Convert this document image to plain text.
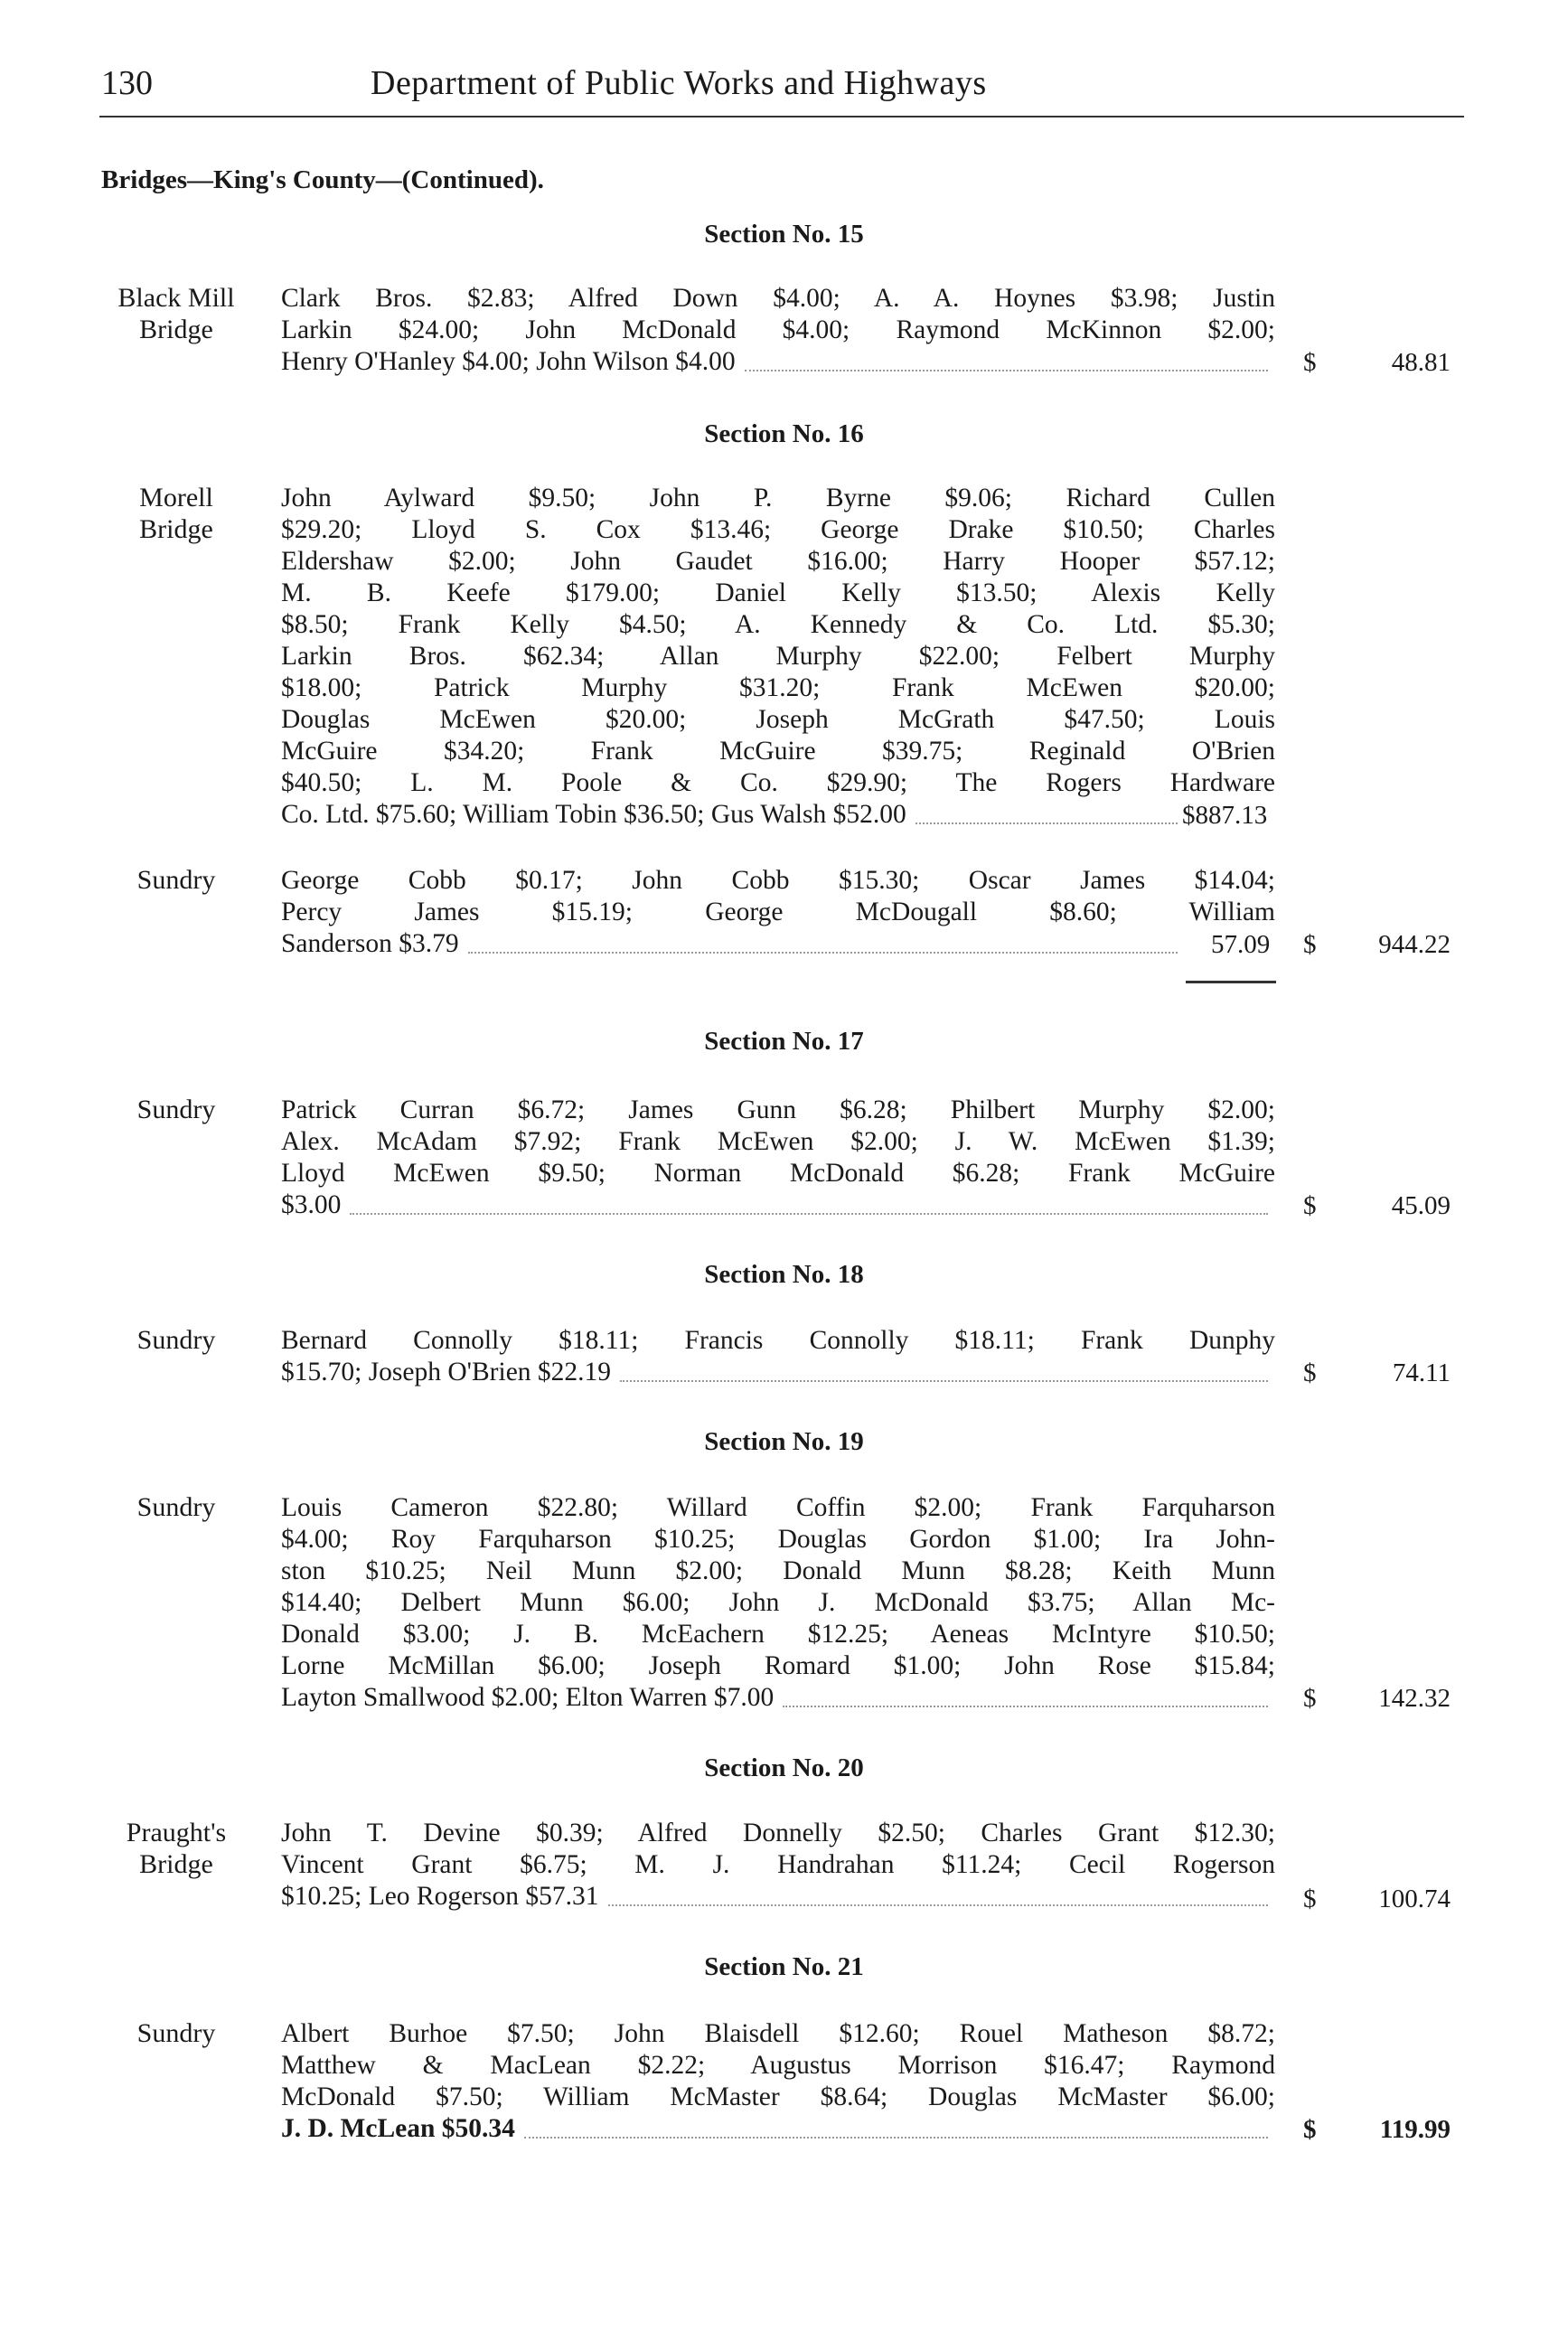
130	Department of Public Works and Highways
Bridges—King's County—(Continued).
Section No. 15
Black Mill
Bridge
Clark Bros. $2.83; Alfred Down $4.00; A. A. Hoynes $3.98; Justin
Larkin $24.00; John McDonald $4.00; Raymond McKinnon $2.00;
Henry O'Hanley $4.00; John Wilson $4.00	$	48.81
Section No. 16
Morell
Bridge
John Aylward $9.50; John P. Byrne $9.06; Richard Cullen
$29.20; Lloyd S. Cox $13.46; George Drake $10.50; Charles
Eldershaw $2.00; John Gaudet $16.00; Harry Hooper $57.12;
M. B. Keefe $179.00; Daniel Kelly $13.50; Alexis Kelly
$8.50; Frank Kelly $4.50; A. Kennedy & Co. Ltd. $5.30;
Larkin Bros. $62.34; Allan Murphy $22.00; Felbert Murphy
$18.00; Patrick Murphy $31.20; Frank McEwen $20.00;
Douglas McEwen $20.00; Joseph McGrath $47.50; Louis
McGuire $34.20; Frank McGuire $39.75; Reginald O'Brien
$40.50; L. M. Poole & Co. $29.90; The Rogers Hardware
Co. Ltd. $75.60; William Tobin $36.50; Gus Walsh $52.00	$887.13
Sundry	George Cobb $0.17; John Cobb $15.30; Oscar James $14.04;
Percy James $15.19; George McDougall $8.60; William
Sanderson $3.79	57.09 $ 944.22
Section No. 17
Sundry	Patrick Curran $6.72; James Gunn $6.28; Philbert Murphy $2.00;
Alex. McAdam $7.92; Frank McEwen $2.00; J. W. McEwen $1.39;
Lloyd McEwen $9.50; Norman McDonald $6.28; Frank McGuire
$3.00	$	45.09
Section No. 18
Sundry	Bernard Connolly $18.11; Francis Connolly $18.11; Frank Dunphy
$15.70; Joseph O'Brien $22.19	$	74.11
Section No. 19
Sundry	Louis Cameron $22.80; Willard Coffin $2.00; Frank Farquharson
$4.00; Roy Farquharson $10.25; Douglas Gordon $1.00; Ira John-
ston $10.25; Neil Munn $2.00; Donald Munn $8.28; Keith Munn
$14.40; Delbert Munn $6.00; John J. McDonald $3.75; Allan Mc-
Donald $3.00; J. B. McEachern $12.25; Aeneas McIntyre $10.50;
Lorne McMillan $6.00; Joseph Romard $1.00; John Rose $15.84;
Layton Smallwood $2.00; Elton Warren $7.00	$ 142.32
Section No. 20
Praught's
Bridge
John T. Devine $0.39; Alfred Donnelly $2.50; Charles Grant $12.30;
Vincent Grant $6.75; M. J. Handrahan $11.24; Cecil Rogerson
$10.25; Leo Rogerson $57.31	$ 100.74
Section No. 21
Sundry	Albert Burhoe $7.50; John Blaisdell $12.60; Rouel Matheson $8.72;
Matthew & MacLean $2.22; Augustus Morrison $16.47; Raymond
McDonald $7.50; William McMaster $8.64; Douglas McMaster $6.00;
J. D. McLean $50.34	$ 119.99
